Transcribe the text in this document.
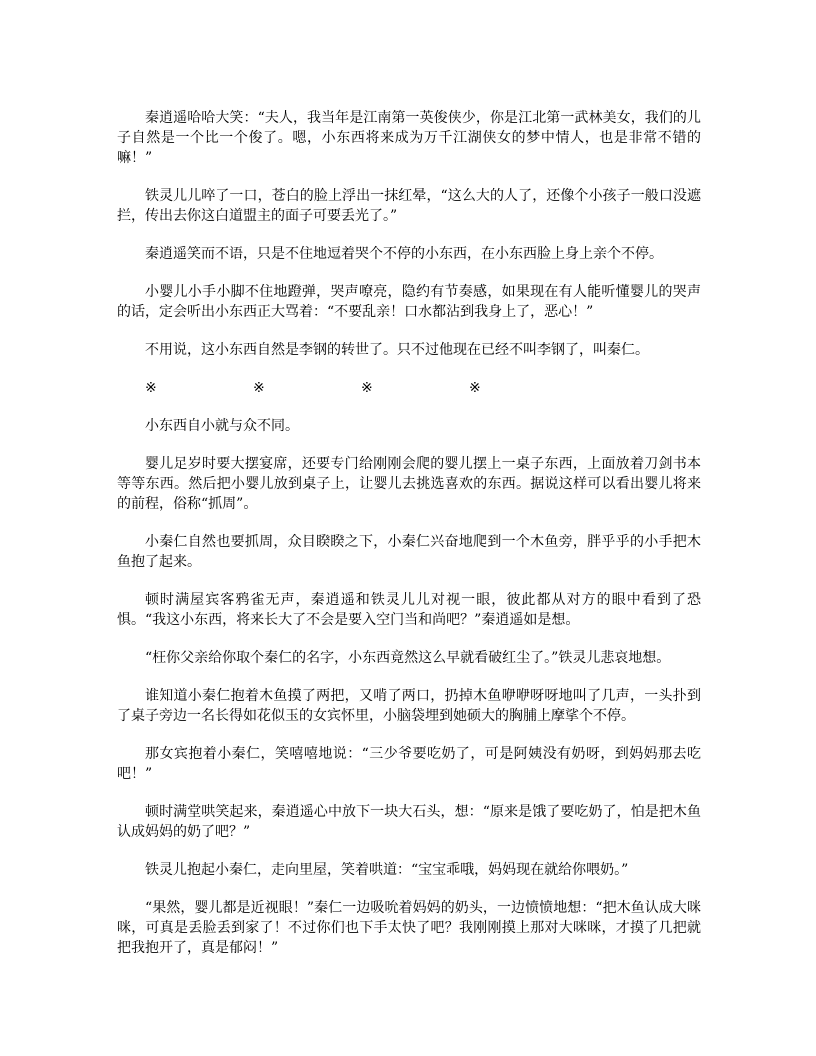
秦逍遥哈哈大笑：“夫人，我当年是江南第一英俊侠少，你是江北第一武林美女，我们的儿子自然是一个比一个俊了。嗯，小东西将来成为万千江湖侠女的梦中情人，也是非常不错的嘛！”

铁灵儿儿啐了一口，苍白的脸上浮出一抹红晕，“这么大的人了，还像个小孩子一般口没遮拦，传出去你这白道盟主的面子可要丢光了。”

秦逍遥笑而不语，只是不住地逗着哭个不停的小东西，在小东西脸上身上亲个不停。

小婴儿小手小脚不住地蹬弹，哭声嘹亮，隐约有节奏感，如果现在有人能听懂婴儿的哭声的话，定会听出小东西正大骂着：“不要乱亲！口水都沾到我身上了，恶心！”

不用说，这小东西自然是李钢的转世了。只不过他现在已经不叫李钢了，叫秦仁。

※	※	※	※

小东西自小就与众不同。

婴儿足岁时要大摆宴席，还要专门给刚刚会爬的婴儿摆上一桌子东西，上面放着刀剑书本等等东西。然后把小婴儿放到桌子上，让婴儿去挑选喜欢的东西。据说这样可以看出婴儿将来的前程，俗称“抓周”。

小秦仁自然也要抓周，众目睽睽之下，小秦仁兴奋地爬到一个木鱼旁，胖乎乎的小手把木鱼抱了起来。

顿时满屋宾客鸦雀无声，秦逍遥和铁灵儿儿对视一眼，彼此都从对方的眼中看到了恐惧。“我这小东西，将来长大了不会是要入空门当和尚吧？”秦逍遥如是想。

“枉你父亲给你取个秦仁的名字，小东西竟然这么早就看破红尘了。”铁灵儿悲哀地想。

谁知道小秦仁抱着木鱼摸了两把，又啃了两口，扔掉木鱼咿咿呀呀地叫了几声，一头扑到了桌子旁边一名长得如花似玉的女宾怀里，小脑袋埋到她硕大的胸脯上摩挲个不停。

那女宾抱着小秦仁，笑嘻嘻地说：“三少爷要吃奶了，可是阿姨没有奶呀，到妈妈那去吃吧！”

顿时满堂哄笑起来，秦逍遥心中放下一块大石头，想：“原来是饿了要吃奶了，怕是把木鱼认成妈妈的奶了吧？”

铁灵儿抱起小秦仁，走向里屋，笑着哄道：“宝宝乖哦，妈妈现在就给你喂奶。”

“果然，婴儿都是近视眼！”秦仁一边吸吮着妈妈的奶头，一边愤愤地想：“把木鱼认成大咪咪，可真是丢脸丢到家了！不过你们也下手太快了吧？我刚刚摸上那对大咪咪，才摸了几把就把我抱开了，真是郁闷！”
